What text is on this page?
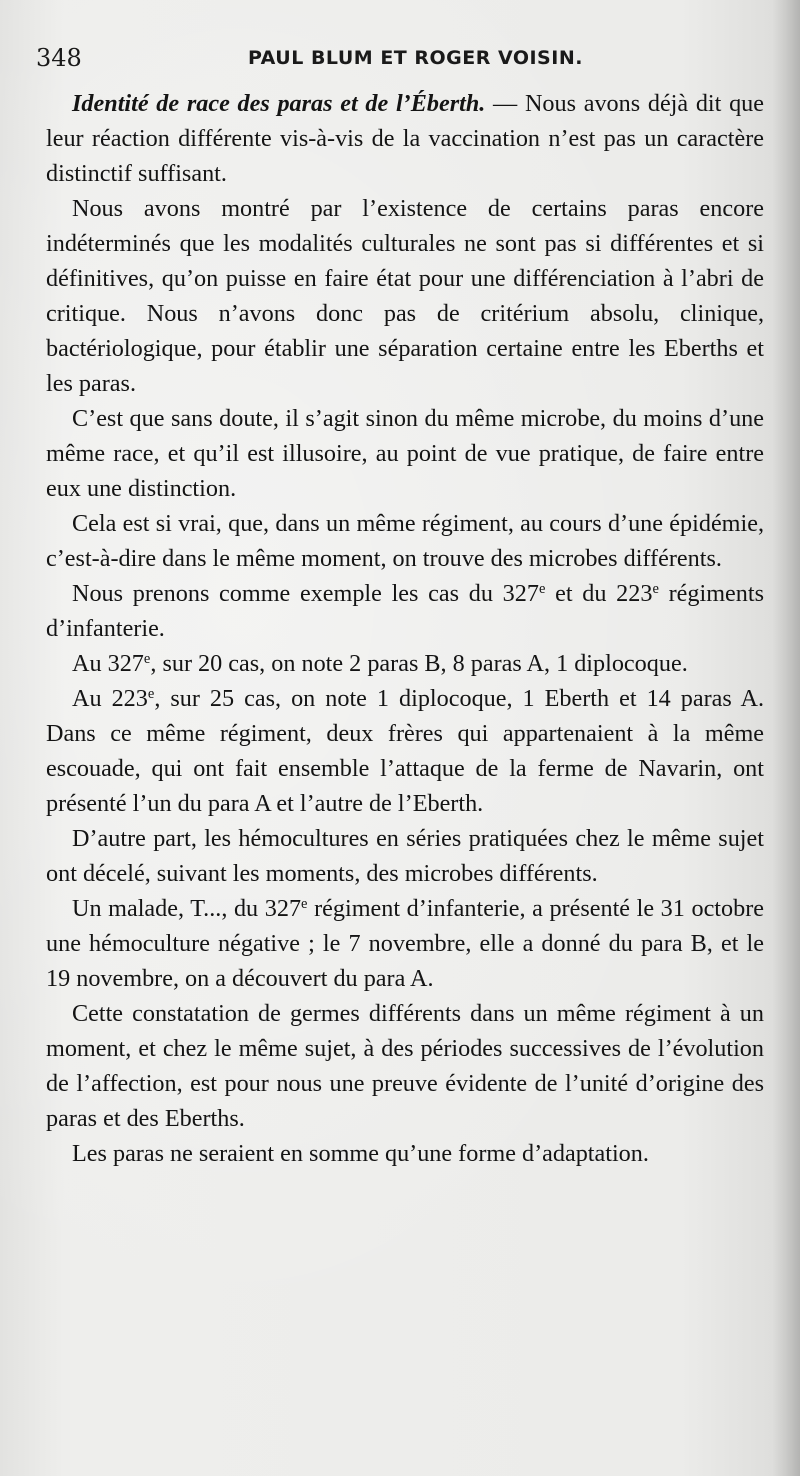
348	PAUL BLUM ET ROGER VOISIN.

Identité de race des paras et de l’Éberth. — Nous avons déjà dit que leur réaction différente vis-à-vis de la vaccination n’est pas un caractère distinctif suffisant.

Nous avons montré par l’existence de certains paras encore indéterminés que les modalités culturales ne sont pas si différentes et si définitives, qu’on puisse en faire état pour une différenciation à l’abri de critique. Nous n’avons donc pas de critérium absolu, clinique, bactériologique, pour établir une séparation certaine entre les Eberths et les paras.

C’est que sans doute, il s’agit sinon du même microbe, du moins d’une même race, et qu’il est illusoire, au point de vue pratique, de faire entre eux une distinction.

Cela est si vrai, que, dans un même régiment, au cours d’une épidémie, c’est-à-dire dans le même moment, on trouve des microbes différents.

Nous prenons comme exemple les cas du 327e et du 223e régiments d’infanterie.

Au 327e, sur 20 cas, on note 2 paras B, 8 paras A, 1 diplocoque.

Au 223e, sur 25 cas, on note 1 diplocoque, 1 Eberth et 14 paras A. Dans ce même régiment, deux frères qui appartenaient à la même escouade, qui ont fait ensemble l’attaque de la ferme de Navarin, ont présenté l’un du para A et l’autre de l’Eberth.

D’autre part, les hémocultures en séries pratiquées chez le même sujet ont décelé, suivant les moments, des microbes différents.

Un malade, T..., du 327e régiment d’infanterie, a présenté le 31 octobre une hémoculture négative ; le 7 novembre, elle a donné du para B, et le 19 novembre, on a découvert du para A.

Cette constatation de germes différents dans un même régiment à un moment, et chez le même sujet, à des périodes successives de l’évolution de l’affection, est pour nous une preuve évidente de l’unité d’origine des paras et des Eberths.

Les paras ne seraient en somme qu’une forme d’adaptation.
